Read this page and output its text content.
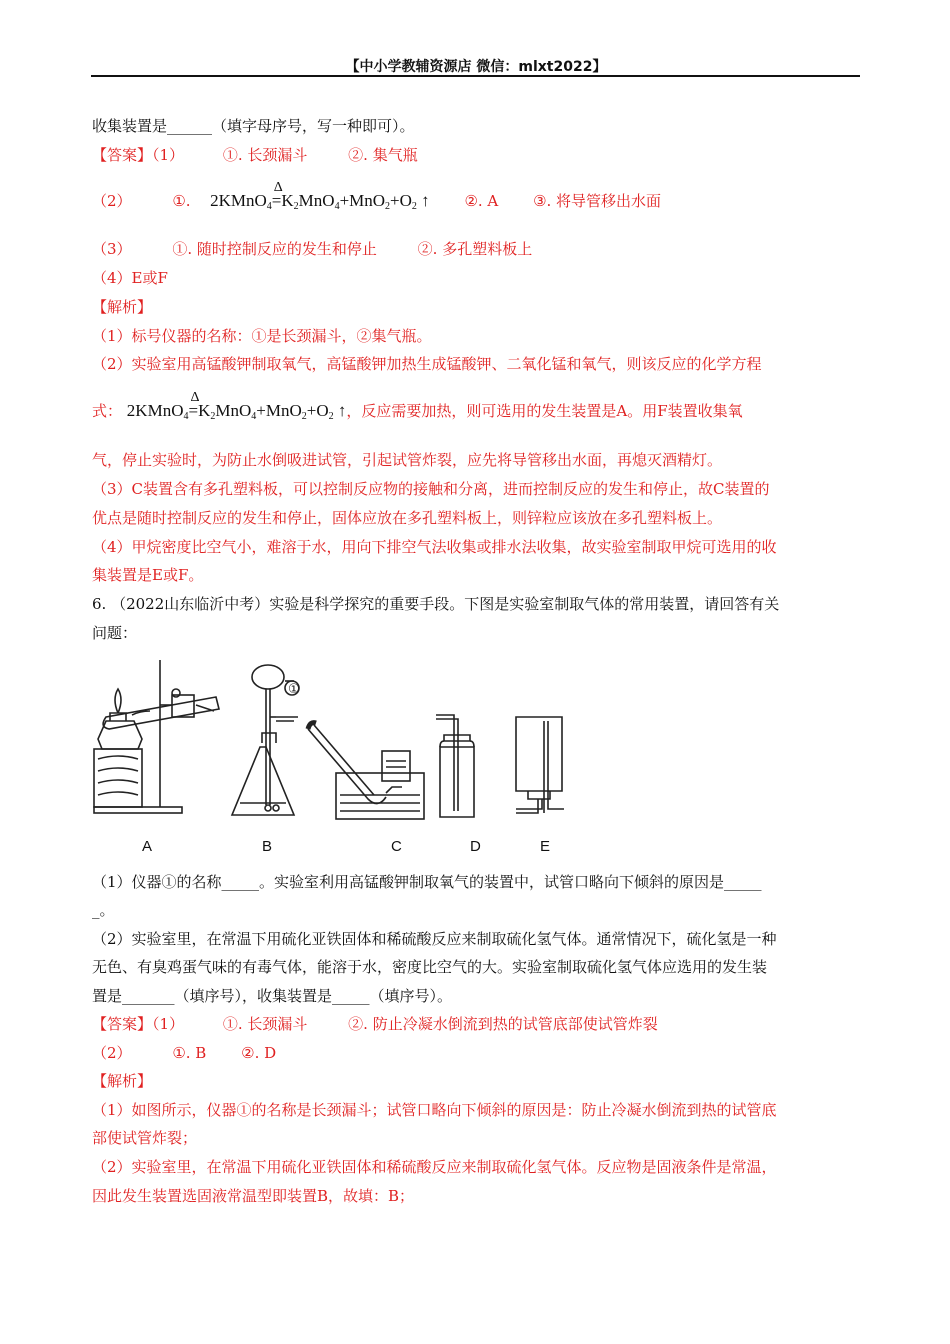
【中小学教辅资源店 微信：mlxt2022】
收集装置是______（填字母序号，写一种即可）。
【答案】（1）	①. 长颈漏斗	②. 集气瓶
（2）	①. 2KMnO$_4$
Δ
$=K_2MnO_4+MnO_2+O_2$ ↑ ②. A ③. 将导管移出水面
（3）	①. 随时控制反应的发生和停止	②. 多孔塑料板上
（4）E或F
【解析】
（1）标号仪器的名称：①是长颈漏斗，②集气瓶。
（2）实验室用高锰酸钾制取氧气，高锰酸钾加热生成锰酸钾、二氧化锰和氧气，则该反应的化学方程
式： 2KMnO$_4$
Δ
$=K_2MnO_4+MnO_2+O_2$ ↑，反应需要加热，则可选用的发生装置是A。用F装置收集氧
气，停止实验时，为防止水倒吸进试管，引起试管炸裂，应先将导管移出水面，再熄灭酒精灯。
（3）C装置含有多孔塑料板，可以控制反应物的接触和分离，进而控制反应的发生和停止，故C装置的
优点是随时控制反应的发生和停止，固体应放在多孔塑料板上，则锌粒应该放在多孔塑料板上。
（4）甲烷密度比空气小，难溶于水，用向下排空气法收集或排水法收集，故实验室制取甲烷可选用的收
集装置是E或F。
6. （2022山东临沂中考）实验是科学探究的重要手段。下图是实验室制取气体的常用装置，请回答有关
问题：
①
A	B	C	D	E
（1）仪器①的名称_____。实验室利用高锰酸钾制取氧气的装置中，试管口略向下倾斜的原因是_____
_。
（2）实验室里，在常温下用硫化亚铁固体和稀硫酸反应来制取硫化氢气体。通常情况下，硫化氢是一种
无色、有臭鸡蛋气味的有毒气体，能溶于水，密度比空气的大。实验室制取硫化氢气体应选用的发生装
置是_______（填序号），收集装置是_____（填序号）。
【答案】（1）	①. 长颈漏斗	②. 防止冷凝水倒流到热的试管底部使试管炸裂
（2）	①. B ②. D
【解析】
（1）如图所示，仪器①的名称是长颈漏斗；试管口略向下倾斜的原因是：防止冷凝水倒流到热的试管底
部使试管炸裂；
（2）实验室里，在常温下用硫化亚铁固体和稀硫酸反应来制取硫化氢气体。反应物是固液条件是常温，
因此发生装置选固液常温型即装置B，故填：B；
